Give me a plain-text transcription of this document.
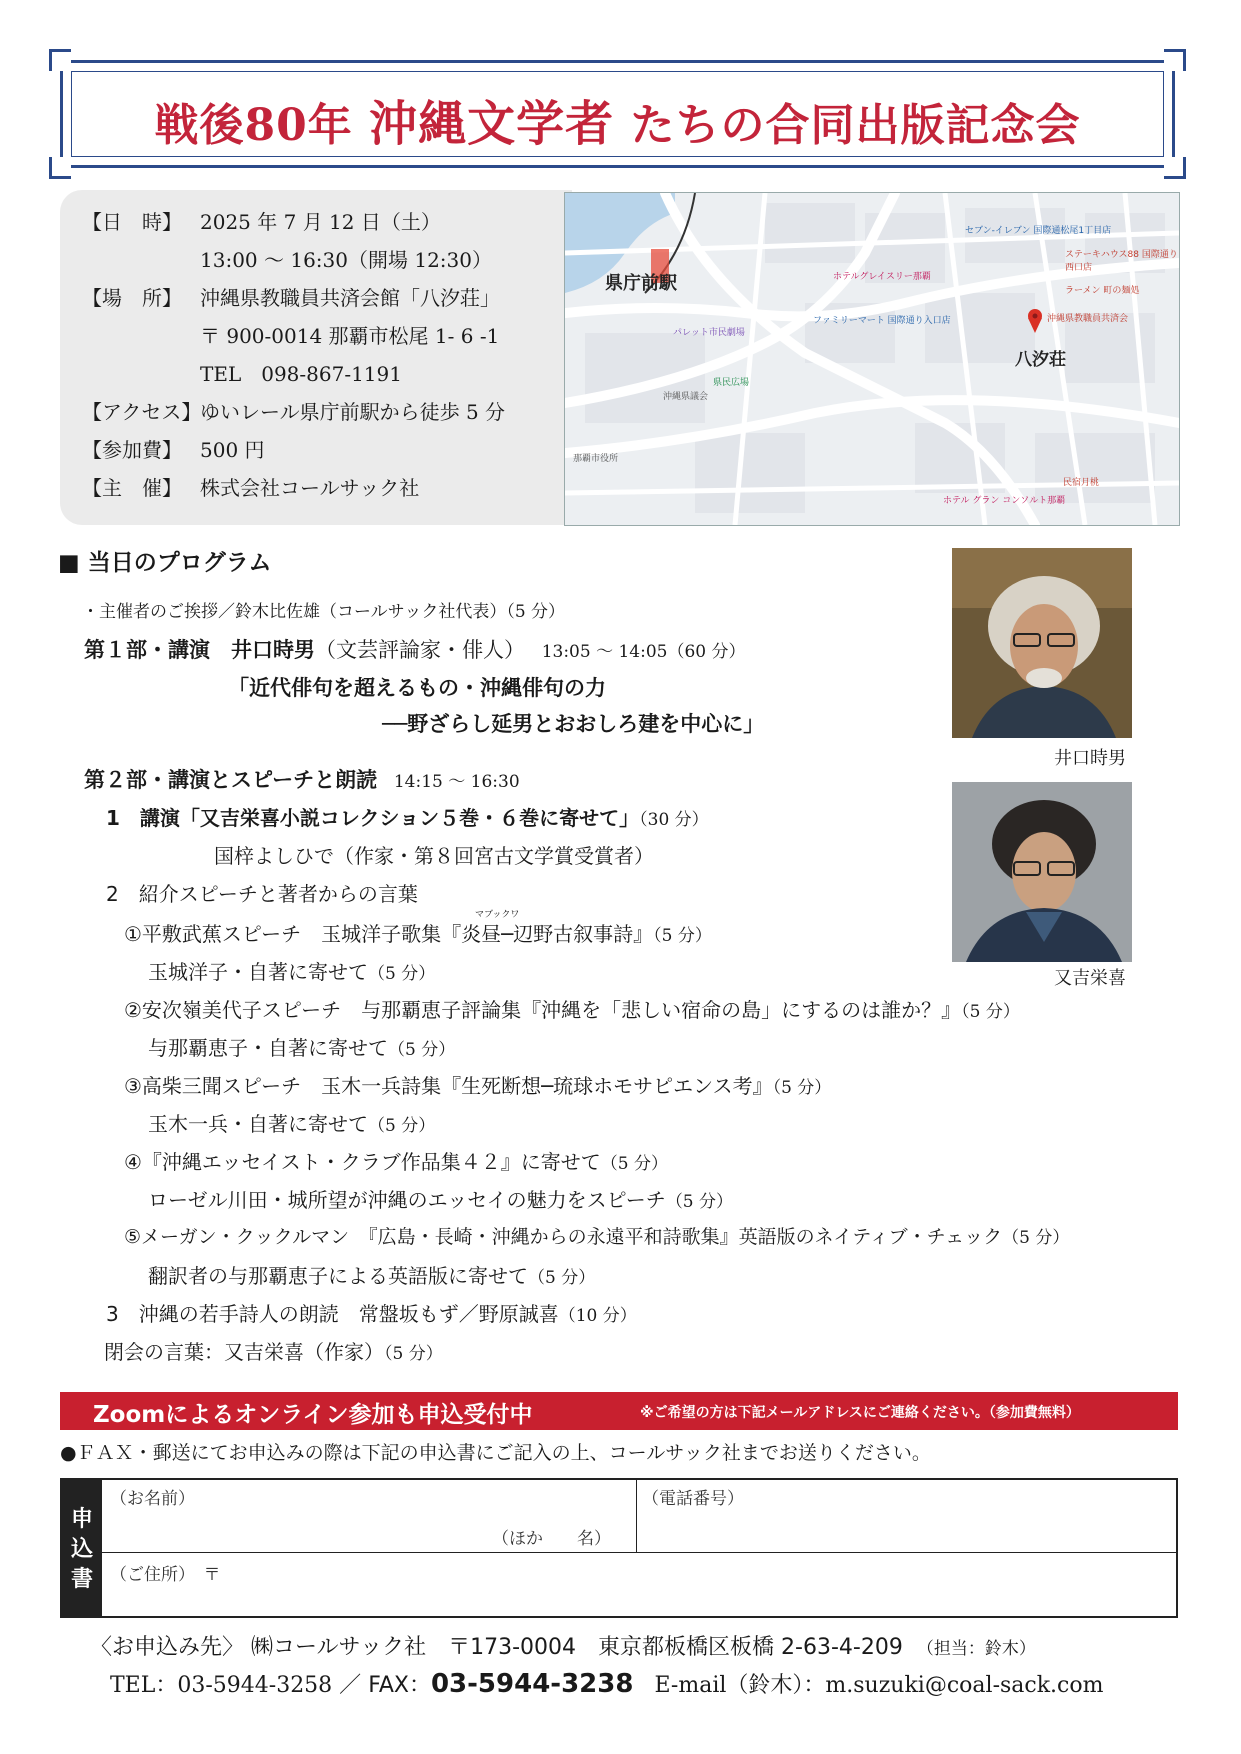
戦後80年 沖縄文学者 たちの合同出版記念会
【日　時】 2025 年 7 月 12 日（土）
13:00 ～ 16:30（開場 12:30）
【場　所】 沖縄県教職員共済会館「八汐荘」
〒 900-0014 那覇市松尾 1- 6 -1
TEL　098-867-1191
【アクセス】ゆいレール県庁前駅から徒歩 5 分
【参加費】 500 円
【主　催】 株式会社コールサック社
県庁前駅
八汐荘
沖縄県教職員共済会
パレット市民劇場
県民広場
沖縄県議会
ファミリーマート 国際通り入口店
ホテルグレイスリー那覇
セブン-イレブン 国際通松尾1丁目店
ステーキハウス88 国際通り西口店
ラーメン 町の麺処
那覇市役所
ホテル グラン コンソルト那覇
民宿月桃
■ 当日のプログラム
・主催者のご挨拶／鈴木比佐雄（コールサック社代表）（5 分）
第１部・講演　井口時男（文芸評論家・俳人） 13:05 ～ 14:05（60 分）
「近代俳句を超えるもの・沖縄俳句の力
──野ざらし延男とおおしろ建を中心に」
第２部・講演とスピーチと朗読 14:15 ～ 16:30
1　講演「又吉栄喜小説コレクション５巻・６巻に寄せて」（30 分）
国梓よしひで（作家・第８回宮古文学賞受賞者）
2　紹介スピーチと著者からの言葉
マブックワ
①平敷武蕉スピーチ　玉城洋子歌集『炎昼─辺野古叙事詩』（5 分）
玉城洋子・自著に寄せて（5 分）
②安次嶺美代子スピーチ　与那覇恵子評論集『沖縄を「悲しい宿命の島」にするのは誰か？』（5 分）
与那覇恵子・自著に寄せて（5 分）
③高柴三聞スピーチ　玉木一兵詩集『生死断想─琉球ホモサピエンス考』（5 分）
玉木一兵・自著に寄せて（5 分）
④『沖縄エッセイスト・クラブ作品集４２』に寄せて（5 分）
ローゼル川田・城所望が沖縄のエッセイの魅力をスピーチ（5 分）
⑤メーガン・クックルマン　『広島・長崎・沖縄からの永遠平和詩歌集』英語版のネイティブ・チェック（5 分）
翻訳者の与那覇恵子による英語版に寄せて（5 分）
3　沖縄の若手詩人の朗読　常盤坂もず／野原誠喜（10 分）
閉会の言葉：又吉栄喜（作家）（5 分）
井口時男
又吉栄喜
Zoomによるオンライン参加も申込受付中	※ご希望の方は下記メールアドレスにご連絡ください。（参加費無料）
●ＦＡＸ・郵送にてお申込みの際は下記の申込書にご記入の上、コールサック社までお送りください。
申
込
書
（お名前）
（ほか　　名）
（電話番号）
（ご住所）　〒
〈お申込み先〉 ㈱コールサック社　〒173-0004　東京都板橋区板橋 2-63-4-209 （担当：鈴木）
TEL：03-5944-3258 ／ FAX：03-5944-3238 E-mail（鈴木）：m.suzuki@coal-sack.com
